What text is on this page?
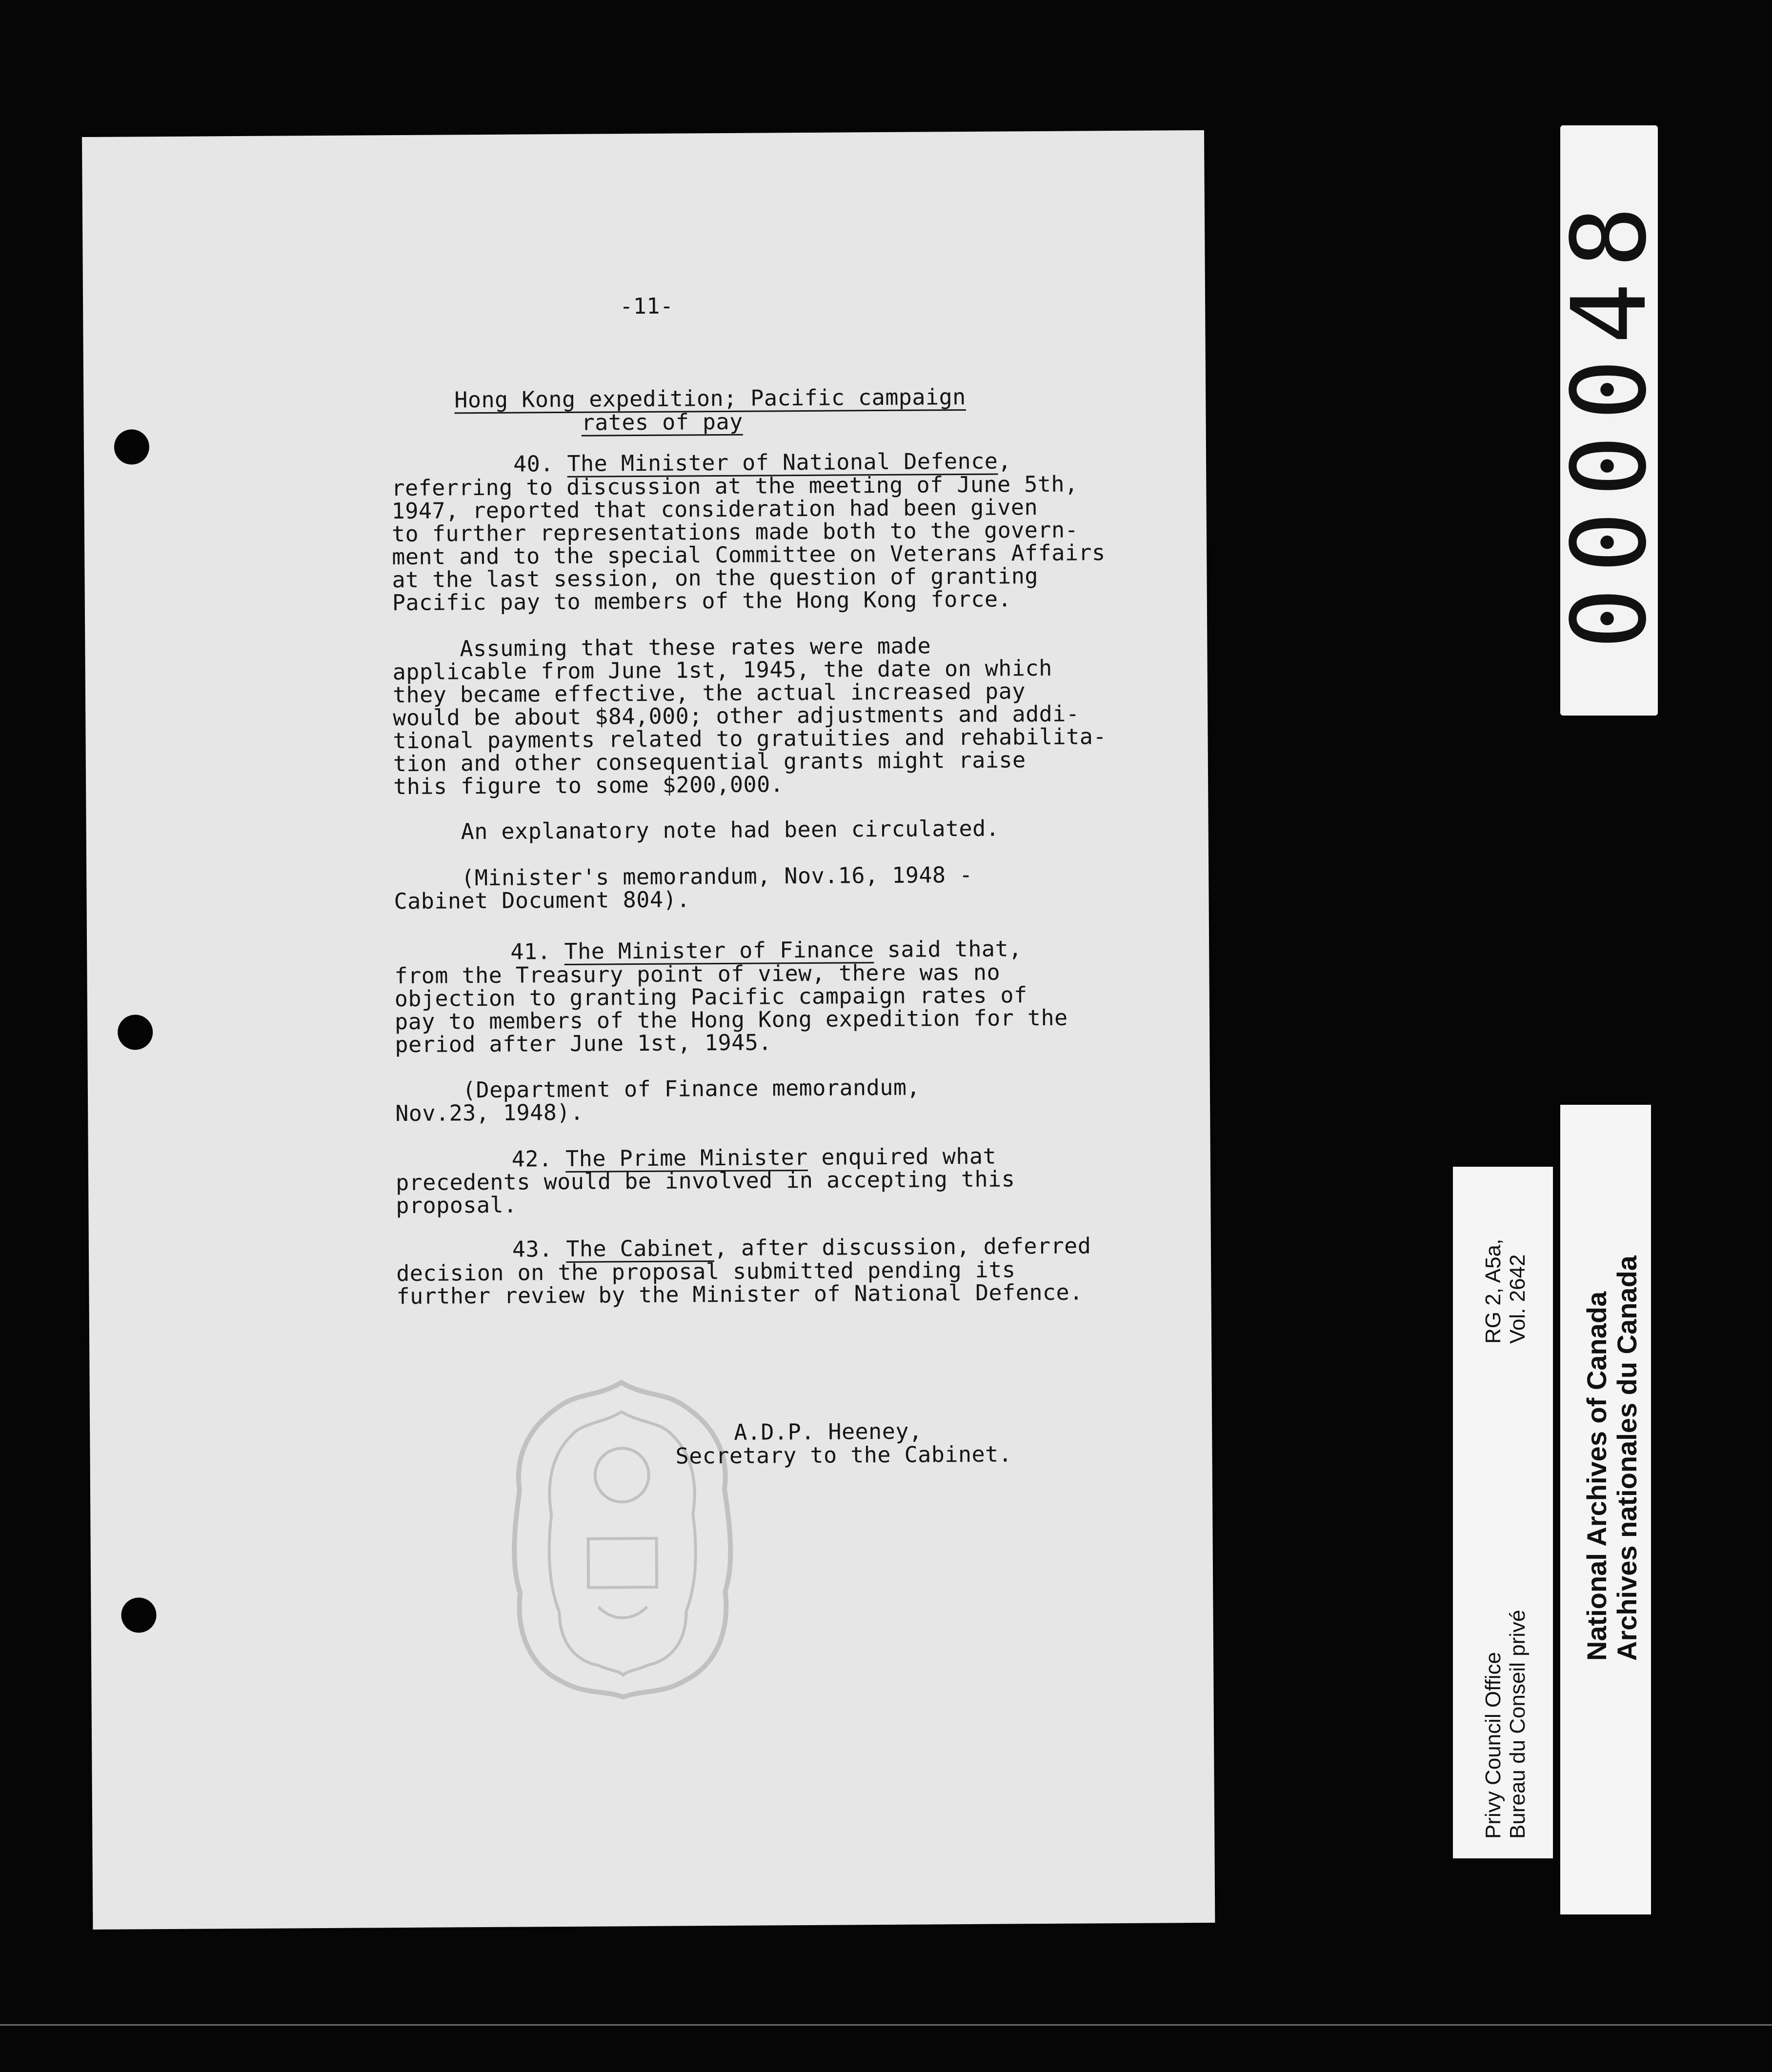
-11-
Hong Kong expedition; Pacific campaign
rates of pay
40. The Minister of National Defence,
referring to discussion at the meeting of June 5th,
1947, reported that consideration had been given
to further representations made both to the govern-
ment and to the special Committee on Veterans Affairs
at the last session, on the question of granting
Pacific pay to members of the Hong Kong force.
Assuming that these rates were made
applicable from June 1st, 1945, the date on which
they became effective, the actual increased pay
would be about $84,000; other adjustments and addi-
tional payments related to gratuities and rehabilita-
tion and other consequential grants might raise
this figure to some $200,000.
An explanatory note had been circulated.
(Minister's memorandum, Nov.16, 1948 -
Cabinet Document 804).
41. The Minister of Finance said that,
from the Treasury point of view, there was no
objection to granting Pacific campaign rates of
pay to members of the Hong Kong expedition for the
period after June 1st, 1945.
(Department of Finance memorandum,
Nov.23, 1948).
42. The Prime Minister enquired what
precedents would be involved in accepting this
proposal.
43. The Cabinet, after discussion, deferred
decision on the proposal submitted pending its
further review by the Minister of National Defence.
A.D.P. Heeney,
Secretary to the Cabinet.
000048
Privy Council Office Bureau du Conseil privé
RG 2, A5a, Vol. 2642 National Archives of Canada Archives nationales du Canada
